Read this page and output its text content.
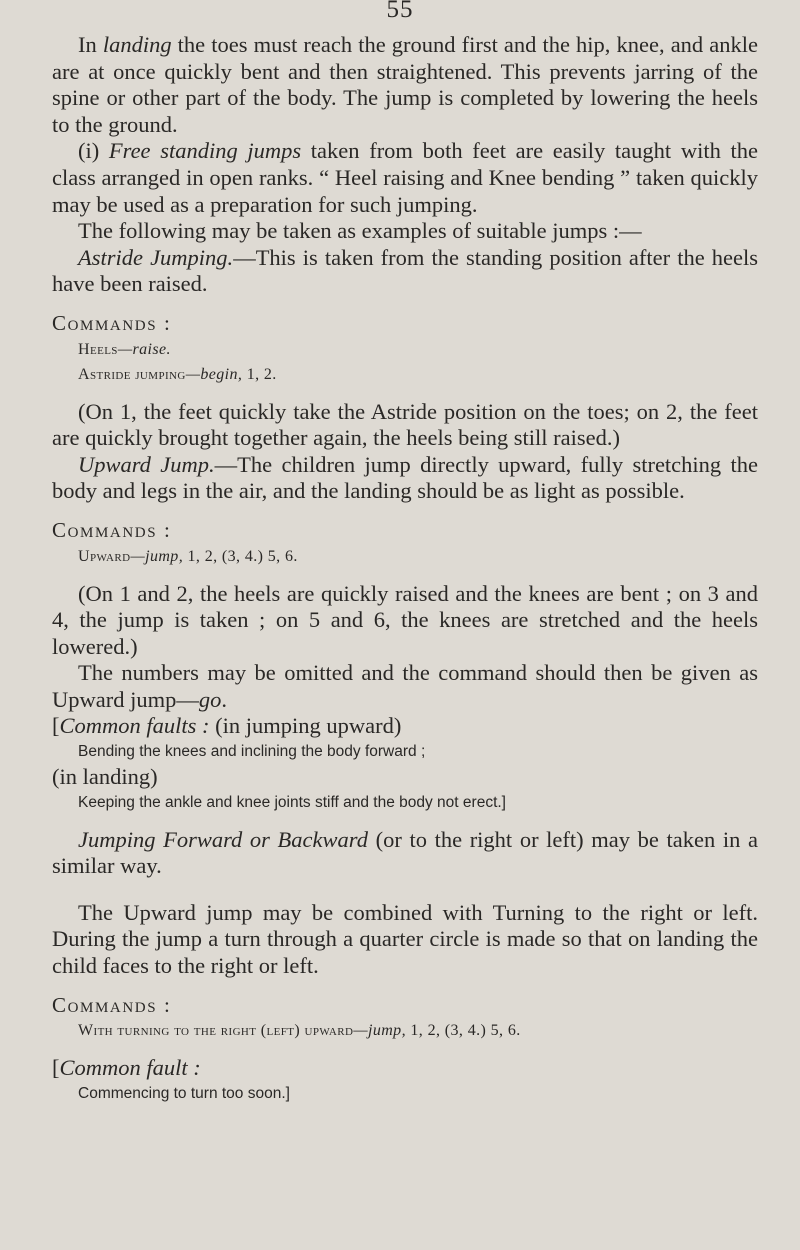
55

In landing the toes must reach the ground first and the hip, knee, and ankle are at once quickly bent and then straightened. This prevents jarring of the spine or other part of the body. The jump is completed by lowering the heels to the ground.

(i) Free standing jumps taken from both feet are easily taught with the class arranged in open ranks. “ Heel raising and Knee bending ” taken quickly may be used as a preparation for such jumping.

The following may be taken as examples of suitable jumps :—

Astride Jumping.—This is taken from the standing position after the heels have been raised.

Commands :

Heels—raise.

Astride jumping—begin, 1, 2.

(On 1, the feet quickly take the Astride position on the toes; on 2, the feet are quickly brought together again, the heels being still raised.)

Upward Jump.—The children jump directly upward, fully stretching the body and legs in the air, and the landing should be as light as possible.

Commands :

Upward—jump, 1, 2, (3, 4.) 5, 6.

(On 1 and 2, the heels are quickly raised and the knees are bent ; on 3 and 4, the jump is taken ; on 5 and 6, the knees are stretched and the heels lowered.)

The numbers may be omitted and the command should then be given as Upward jump—go.

[Common faults : (in jumping upward)

Bending the knees and inclining the body forward ;

(in landing)

Keeping the ankle and knee joints stiff and the body not erect.]

Jumping Forward or Backward (or to the right or left) may be taken in a similar way.

The Upward jump may be combined with Turning to the right or left. During the jump a turn through a quarter circle is made so that on landing the child faces to the right or left.

Commands :

With turning to the right (left) upward—jump, 1, 2, (3, 4.) 5, 6.

[Common fault :

Commencing to turn too soon.]
